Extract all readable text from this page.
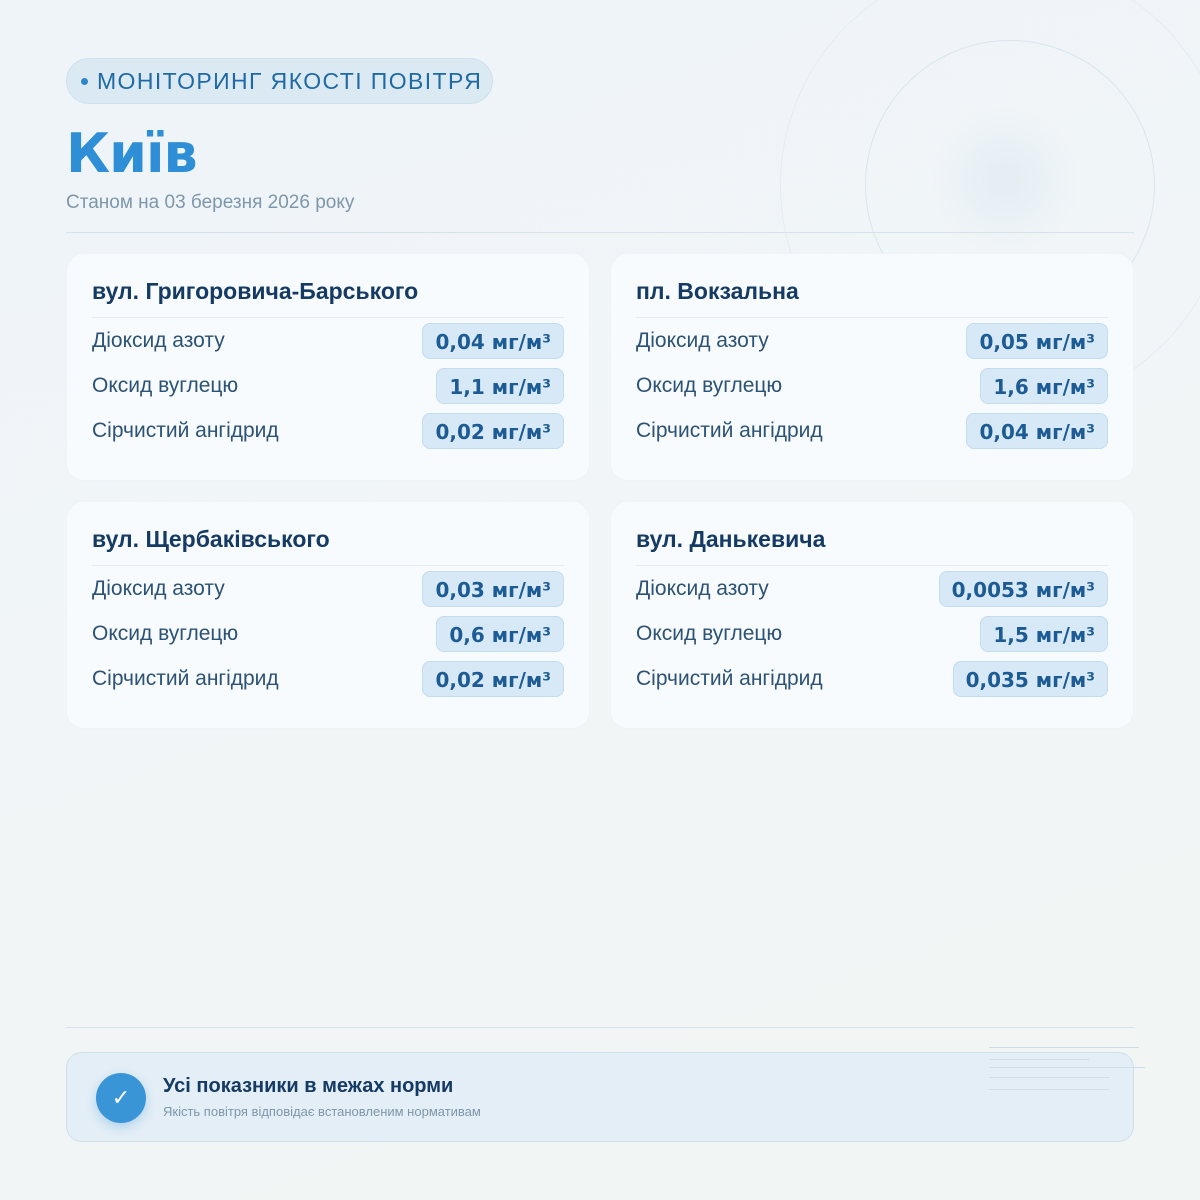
МОНІТОРИНГ ЯКОСТІ ПОВІТРЯ
Київ
Станом на 03 березня 2026 року
вул. Григоровича-Барського
Діоксид азоту	0,04 мг/м³
Оксид вуглецю	1,1 мг/м³
Сірчистий ангідрид	0,02 мг/м³
пл. Вокзальна
Діоксид азоту	0,05 мг/м³
Оксид вуглецю	1,6 мг/м³
Сірчистий ангідрид	0,04 мг/м³
вул. Щербаківського
Діоксид азоту	0,03 мг/м³
Оксид вуглецю	0,6 мг/м³
Сірчистий ангідрид	0,02 мг/м³
вул. Данькевича
Діоксид азоту	0,0053 мг/м³
Оксид вуглецю	1,5 мг/м³
Сірчистий ангідрид	0,035 мг/м³
✓ Усі показники в межах норми
Якість повітря відповідає встановленим нормативам
